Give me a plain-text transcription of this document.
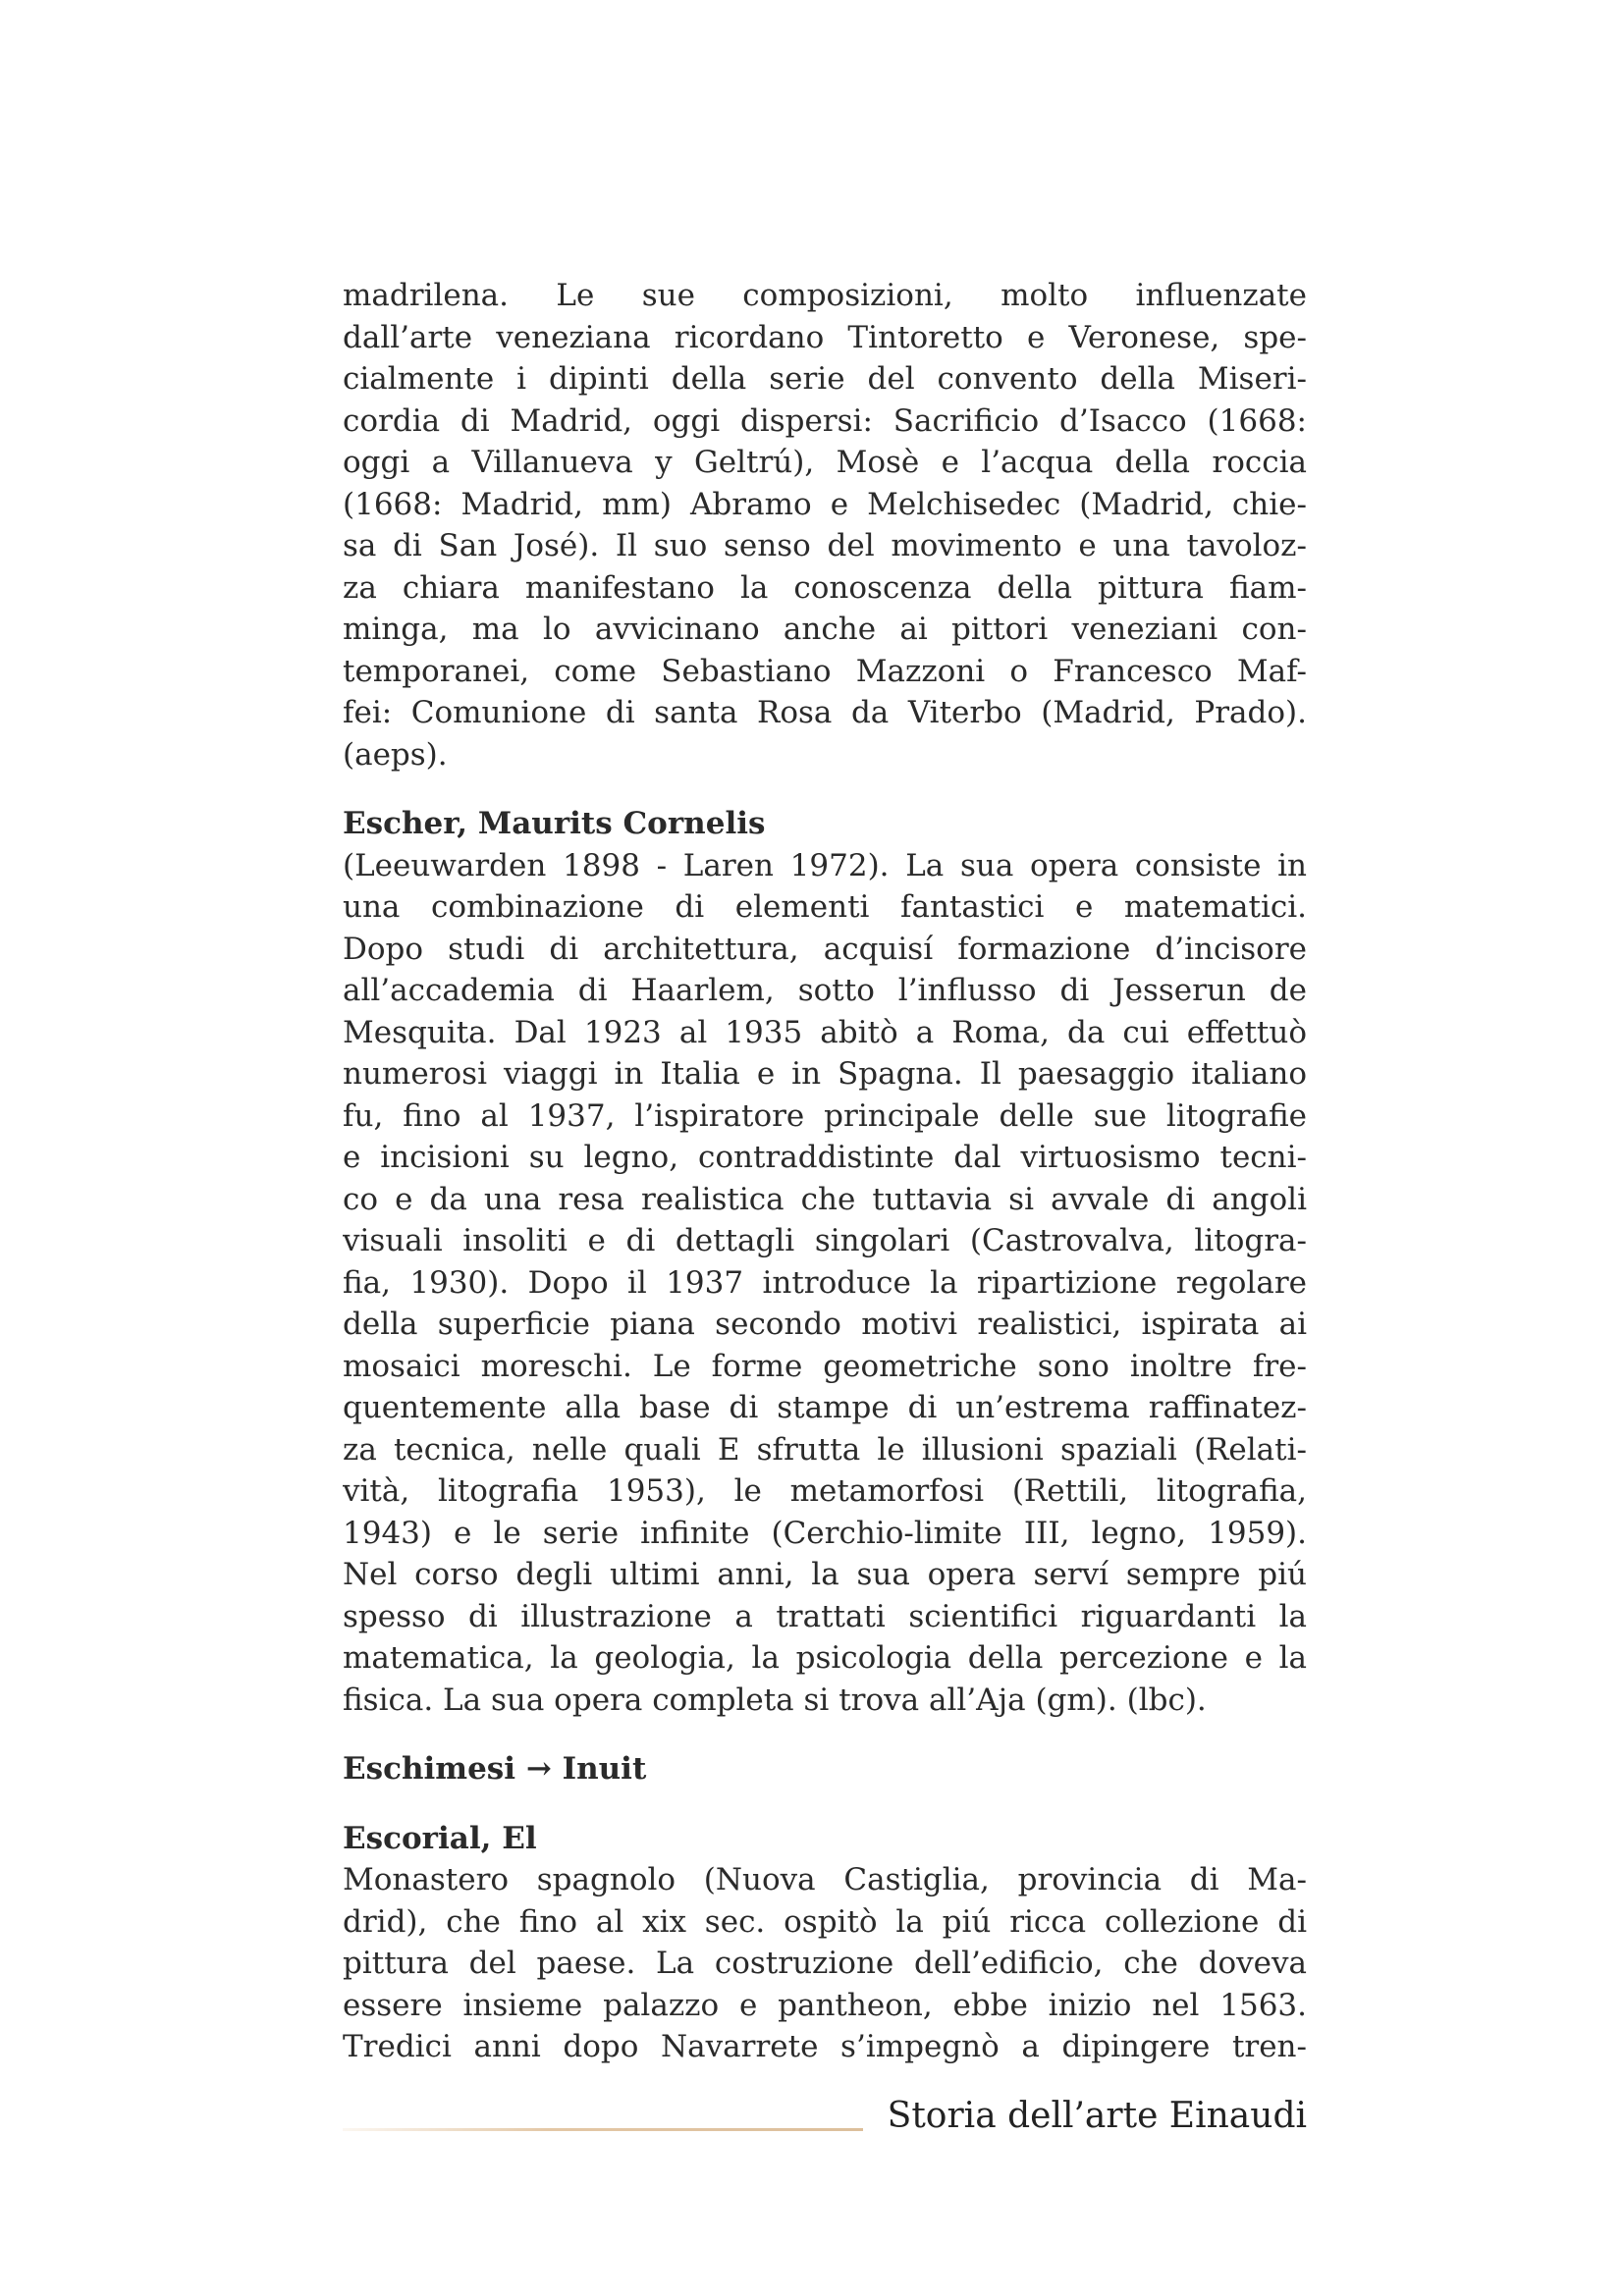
madrilena. Le sue composizioni, molto influenzate
dall’arte veneziana ricordano Tintoretto e Veronese, spe-
cialmente i dipinti della serie del convento della Miseri-
cordia di Madrid, oggi dispersi: Sacrificio d’Isacco (1668:
oggi a Villanueva y Geltrú), Mosè e l’acqua della roccia
(1668: Madrid, mm) Abramo e Melchisedec (Madrid, chie-
sa di San José). Il suo senso del movimento e una tavoloz-
za chiara manifestano la conoscenza della pittura fiam-
minga, ma lo avvicinano anche ai pittori veneziani con-
temporanei, come Sebastiano Mazzoni o Francesco Maf-
fei: Comunione di santa Rosa da Viterbo (Madrid, Prado).
(aeps).
Escher, Maurits Cornelis
(Leeuwarden 1898 - Laren 1972). La sua opera consiste in
una combinazione di elementi fantastici e matematici.
Dopo studi di architettura, acquisí formazione d’incisore
all’accademia di Haarlem, sotto l’influsso di Jesserun de
Mesquita. Dal 1923 al 1935 abitò a Roma, da cui effettuò
numerosi viaggi in Italia e in Spagna. Il paesaggio italiano
fu, fino al 1937, l’ispiratore principale delle sue litografie
e incisioni su legno, contraddistinte dal virtuosismo tecni-
co e da una resa realistica che tuttavia si avvale di angoli
visuali insoliti e di dettagli singolari (Castrovalva, litogra-
fia, 1930). Dopo il 1937 introduce la ripartizione regolare
della superficie piana secondo motivi realistici, ispirata ai
mosaici moreschi. Le forme geometriche sono inoltre fre-
quentemente alla base di stampe di un’estrema raffinatez-
za tecnica, nelle quali E sfrutta le illusioni spaziali (Relati-
vità, litografia 1953), le metamorfosi (Rettili, litografia,
1943) e le serie infinite (Cerchio-limite III, legno, 1959).
Nel corso degli ultimi anni, la sua opera serví sempre piú
spesso di illustrazione a trattati scientifici riguardanti la
matematica, la geologia, la psicologia della percezione e la
fisica. La sua opera completa si trova all’Aja (gm). (lbc).
Eschimesi → Inuit
Escorial, El
Monastero spagnolo (Nuova Castiglia, provincia di Ma-
drid), che fino al xix sec. ospitò la piú ricca collezione di
pittura del paese. La costruzione dell’edificio, che doveva
essere insieme palazzo e pantheon, ebbe inizio nel 1563.
Tredici anni dopo Navarrete s’impegnò a dipingere tren-
Storia dell’arte Einaudi
